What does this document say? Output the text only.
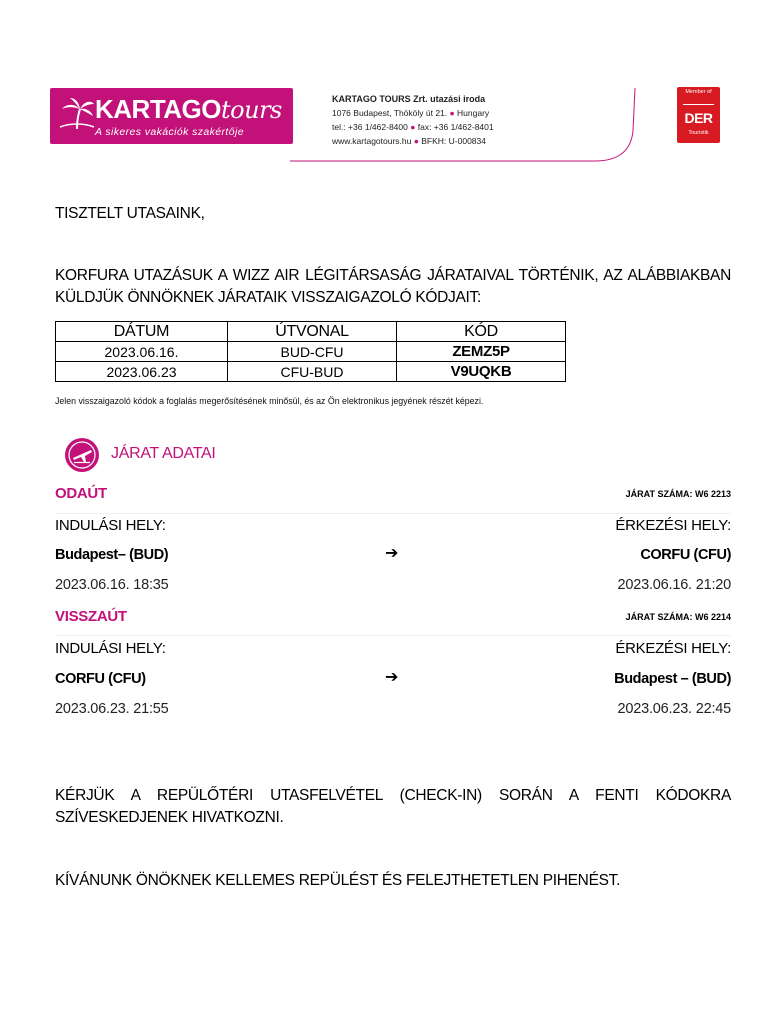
KARTAGOtours
A sikeres vakációk szakértője
KARTAGO TOURS Zrt. utazási iroda
1076 Budapest, Thököly út 21. ● Hungary
tel.: +36 1/462-8400 ● fax: +36 1/462-8401
www.kartagotours.hu ● BFKH: U-000834
Member of
DER
Touristik
TISZTELT UTASAINK,
KORFURA UTAZÁSUK A WIZZ AIR LÉGITÁRSASÁG JÁRATAIVAL TÖRTÉNIK, AZ ALÁBBIAKBAN KÜLDJÜK ÖNNÖKNEK JÁRATAIK VISSZAIGAZOLÓ KÓDJAIT:
DÁTUM	ÚTVONAL	KÓD
2023.06.16.	BUD-CFU	ZEMZ5P
2023.06.23	CFU-BUD	V9UQKB
Jelen visszaigazoló kódok a foglalás megerősítésének minősül, és az Ön elektronikus jegyének részét képezi.
JÁRAT ADATAI
ODAÚT	JÁRAT SZÁMA: W6 2213
INDULÁSI HELY:	ÉRKEZÉSI HELY:
Budapest– (BUD)	➔	CORFU (CFU)
2023.06.16. 18:35	2023.06.16. 21:20
VISSZAÚT	JÁRAT SZÁMA: W6 2214
INDULÁSI HELY:	ÉRKEZÉSI HELY:
CORFU (CFU)	➔	Budapest – (BUD)
2023.06.23. 21:55	2023.06.23. 22:45
KÉRJÜK A REPÜLŐTÉRI UTASFELVÉTEL (CHECK-IN) SORÁN A FENTI KÓDOKRA SZÍVESKEDJENEK HIVATKOZNI.
KÍVÁNUNK ÖNÖKNEK KELLEMES REPÜLÉST ÉS FELEJTHETETLEN PIHENÉST.
